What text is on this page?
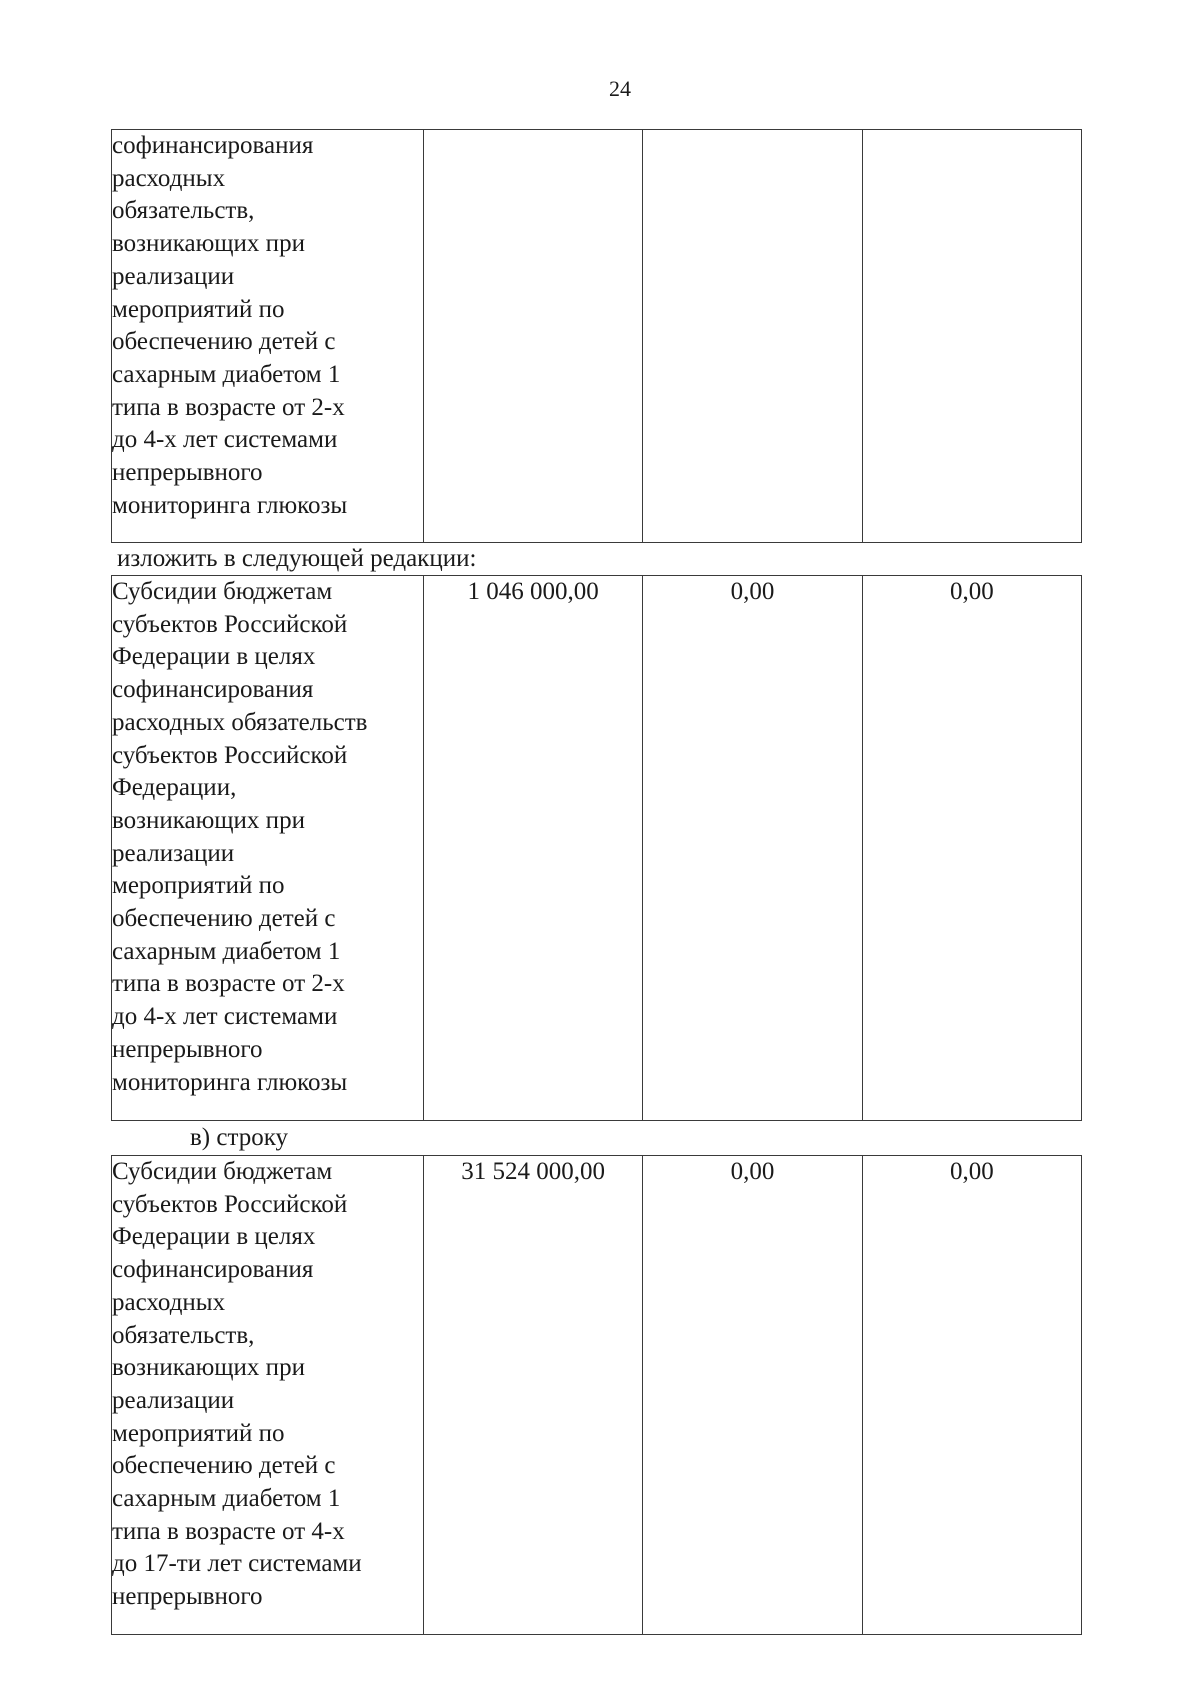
24
софинансирования
расходных
обязательств,
возникающих при
реализации
мероприятий по
обеспечению детей с
сахарным диабетом 1
типа в возрасте от 2-х
до 4-х лет системами
непрерывного
мониторинга глюкозы

изложить в следующей редакции:
Субсидии бюджетам
субъектов Российской
Федерации в целях
софинансирования
расходных обязательств
субъектов Российской
Федерации,
возникающих при
реализации
мероприятий по
обеспечению детей с
сахарным диабетом 1
типа в возрасте от 2-х
до 4-х лет системами
непрерывного
мониторинга глюкозы
	1 046 000,00	0,00	0,00
в) строку
Субсидии бюджетам
субъектов Российской
Федерации в целях
софинансирования
расходных
обязательств,
возникающих при
реализации
мероприятий по
обеспечению детей с
сахарным диабетом 1
типа в возрасте от 4-х
до 17-ти лет системами
непрерывного
	31 524 000,00	0,00	0,00
